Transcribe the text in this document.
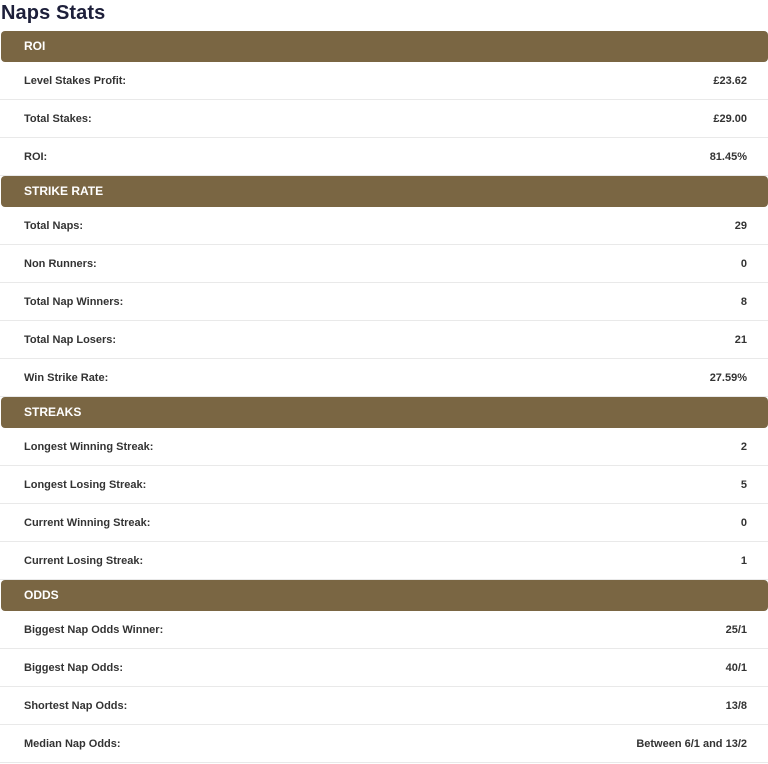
Naps Stats
ROI
Level Stakes Profit:	£23.62
Total Stakes:	£29.00
ROI:	81.45%
STRIKE RATE
Total Naps:	29
Non Runners:	0
Total Nap Winners:	8
Total Nap Losers:	21
Win Strike Rate:	27.59%
STREAKS
Longest Winning Streak:	2
Longest Losing Streak:	5
Current Winning Streak:	0
Current Losing Streak:	1
ODDS
Biggest Nap Odds Winner:	25/1
Biggest Nap Odds:	40/1
Shortest Nap Odds:	13/8
Median Nap Odds:	Between 6/1 and 13/2
